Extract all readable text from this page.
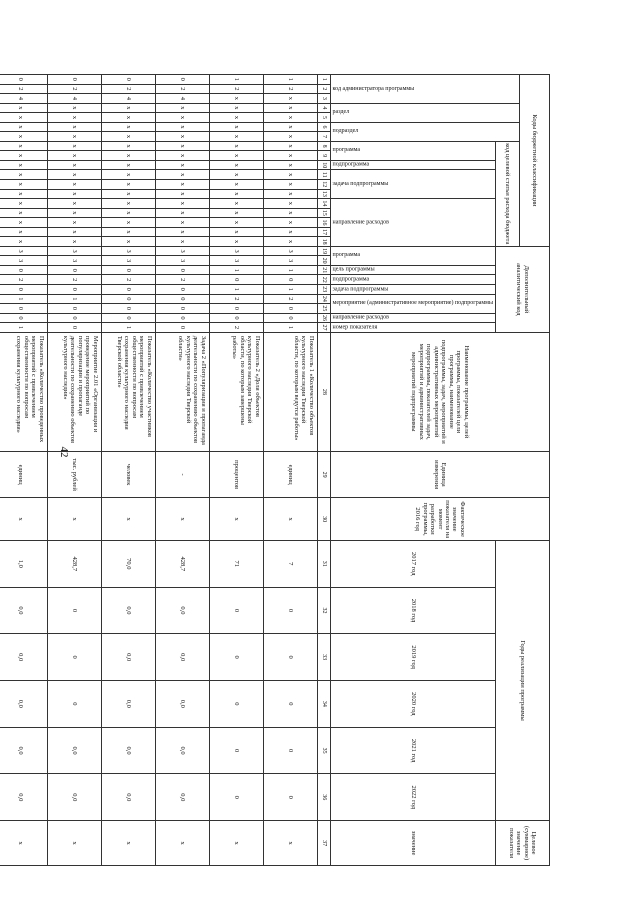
42
Коды бюджетной классификации																		Дополнительный аналитический код									Наименование программы, целей программы, показателей цели программы, наименование подпрограммы, задач, мероприятий и административных мероприятий подпрограммы, показателей задач, мероприятий и административных мероприятий подпрограммы	Единица измерения	Фактическое значение показателя на момент разработки программы, 2016 год	Годы реализации программы						Целевое (суммарное) значение показателя
код администратора программы			раздел		подраздел		код целевой статьи расхода бюджета																													
							программа		подпрограмма	задача подпрограммы			направление расходов					программа		цель программы	подпрограмма	задача подпрограммы	мероприятие (административное мероприятие) подпрограммы		направление расходов	номер показателя				2017 год	2018 год	2019 год	2020 год	2021 год	2022 год	значение

1	2	3	4	5	6	7	8	9	10	11	12	13	14	15	16	17	18	19	20	21	22	23	24	25	26	27	28	29	30	31	32	33	34	35	36	37
1	2	х	х	х	х	х	х	х	х	х	х	х	х	х	х	х	х	3	3	1	0	1	2	0	0	1	Показатель 1 «Количество объектов культурного наследия Тверской области, по которым ведутся работы»	единиц	х	7	0	0	0	0	0	х
1	2	х	х	х	х	х	х	х	х	х	х	х	х	х	х	х	х	3	3	1	0	1	2	0	0	2	Показатель 2 «Доля объектов культурного наследия Тверской области, по которым завершены работы»	процентов	х	71	0	0	0	0	0	х
0	2	4	х	х	х	х	х	х	х	х	х	х	х	х	х	х	х	3	3	0	2	0	0	0	0	0	Задача 2 «Популяризация и пропаганда деятельности по сохранению объектов культурного наследия Тверской области»	-	х	428,7	0,0	0,0	0,0	0,0	0,0	х
0	2	4	х	х	х	х	х	х	х	х	х	х	х	х	х	х	х	3	3	0	2	0	0	0	0	1	Показатель «Количество участников мероприятий с привлечением общественности по вопросам сохранения культурного наследия Тверской области»	человек	х	70,0	0,0	0,0	0,0	0,0	0,0	х
0	2	4	х	х	х	х	х	х	х	х	х	х	х	х	х	х	х	3	3	0	2	0	1	0	0	0	Мероприятие 2.01 «Организация и проведение мероприятий по популяризации и пропаганде деятельности по сохранению объектов культурного наследия»	тыс. рублей	х	428,7	0	0	0	0,0	0,0	х
0	2	4	х	х	х	х	х	х	х	х	х	х	х	х	х	х	х	3	3	0	2	0	1	0	0	1	Показатель «Количество проведенных мероприятий с привлечением общественности по вопросам сохранения культурного наследия»	единиц	х	1,0	0,0	0,0	0,0	0,0	0,0	х
